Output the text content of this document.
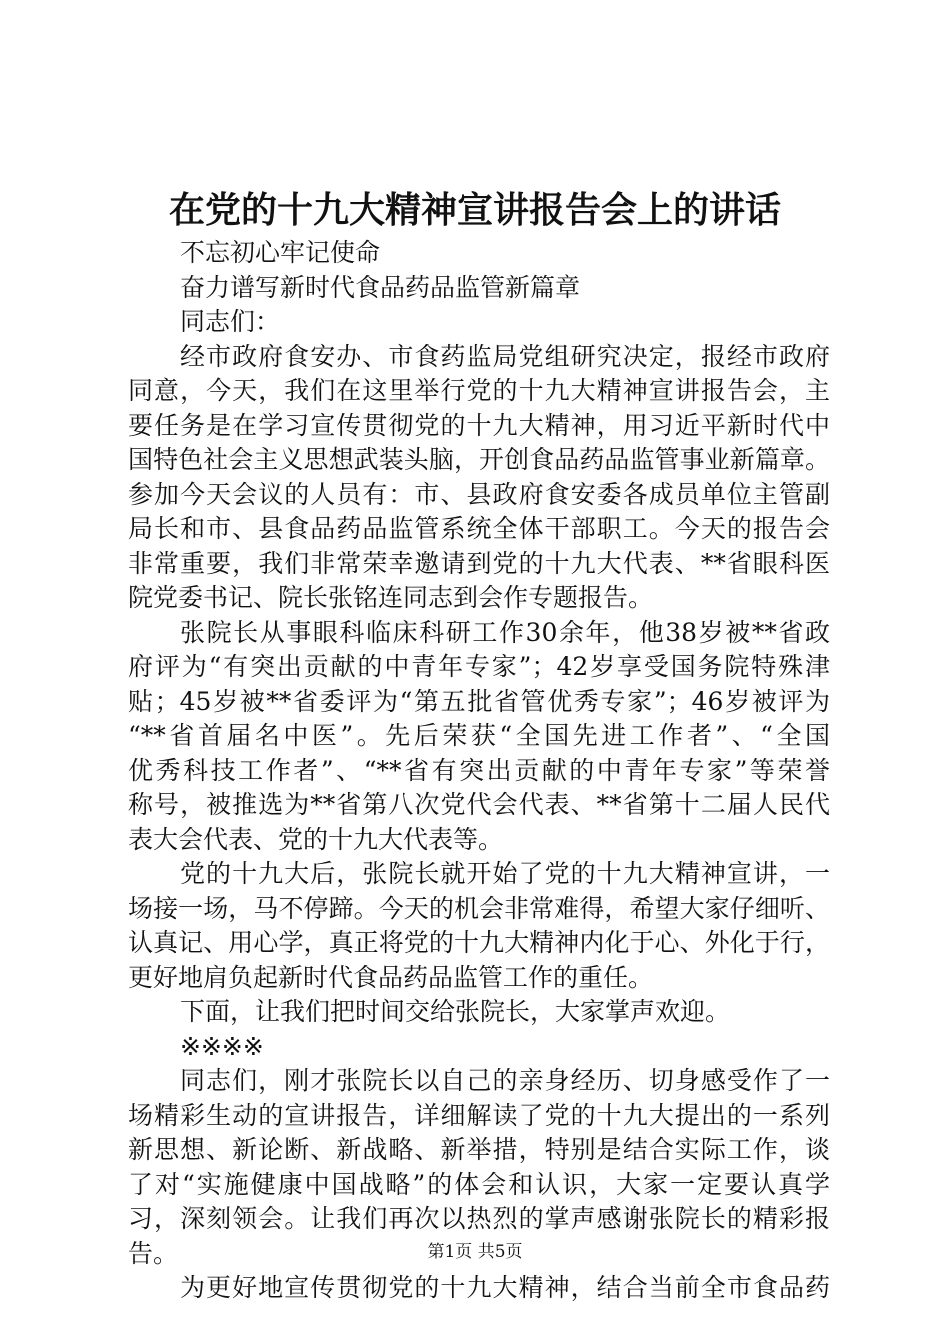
在党的十九大精神宣讲报告会上的讲话
不忘初心牢记使命
奋力谱写新时代食品药品监管新篇章
同志们：
经市政府食安办、市食药监局党组研究决定，报经市政府
同意，今天，我们在这里举行党的十九大精神宣讲报告会，主
要任务是在学习宣传贯彻党的十九大精神，用习近平新时代中
国特色社会主义思想武装头脑，开创食品药品监管事业新篇章。
参加今天会议的人员有：市、县政府食安委各成员单位主管副
局长和市、县食品药品监管系统全体干部职工。今天的报告会
非常重要，我们非常荣幸邀请到党的十九大代表、**省眼科医
院党委书记、院长张铭连同志到会作专题报告。
张院长从事眼科临床科研工作30余年，他38岁被**省政
府评为“有突出贡献的中青年专家”；42岁享受国务院特殊津
贴；45岁被**省委评为“第五批省管优秀专家”；46岁被评为
“**省首届名中医”。先后荣获“全国先进工作者”、“全国
优秀科技工作者”、“**省有突出贡献的中青年专家”等荣誉
称号，被推选为**省第八次党代会代表、**省第十二届人民代
表大会代表、党的十九大代表等。
党的十九大后，张院长就开始了党的十九大精神宣讲，一
场接一场，马不停蹄。今天的机会非常难得，希望大家仔细听、
认真记、用心学，真正将党的十九大精神内化于心、外化于行，
更好地肩负起新时代食品药品监管工作的重任。
下面，让我们把时间交给张院长，大家掌声欢迎。
※※※※
同志们，刚才张院长以自己的亲身经历、切身感受作了一
场精彩生动的宣讲报告，详细解读了党的十九大提出的一系列
新思想、新论断、新战略、新举措，特别是结合实际工作，谈
了对“实施健康中国战略”的体会和认识，大家一定要认真学
习，深刻领会。让我们再次以热烈的掌声感谢张院长的精彩报
告。
为更好地宣传贯彻党的十九大精神，结合当前全市食品药
第1页 共5页
